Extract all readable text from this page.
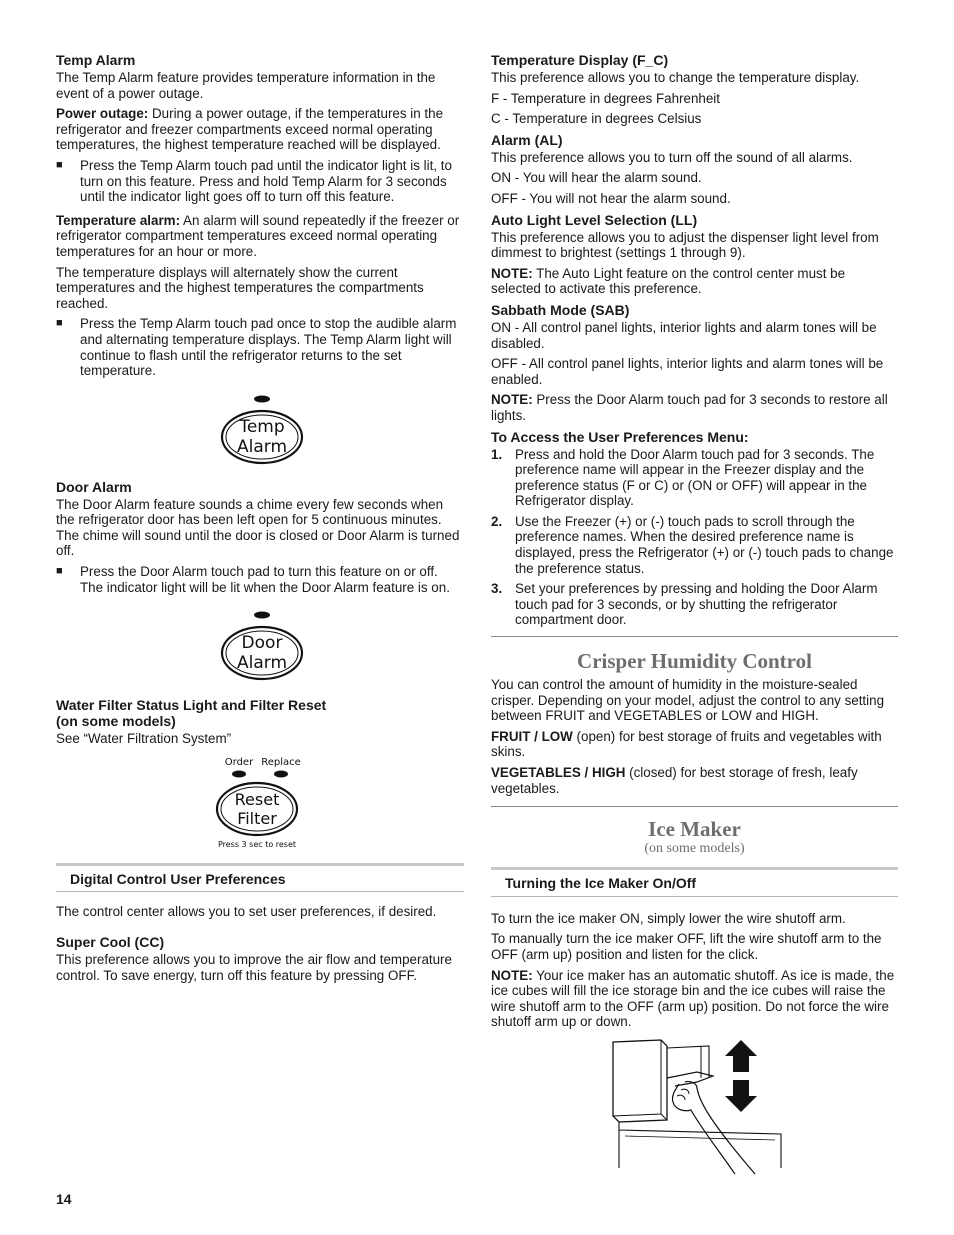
Temp Alarm

The Temp Alarm feature provides temperature information in the event of a power outage.

Power outage: During a power outage, if the temperatures in the refrigerator and freezer compartments exceed normal operating temperatures, the highest temperature reached will be displayed.

■ Press the Temp Alarm touch pad until the indicator light is lit, to turn on this feature. Press and hold Temp Alarm for 3 seconds until the indicator light goes off to turn off this feature.

Temperature alarm: An alarm will sound repeatedly if the freezer or refrigerator compartment temperatures exceed normal operating temperatures for an hour or more.

The temperature displays will alternately show the current temperatures and the highest temperatures the compartments reached.

■ Press the Temp Alarm touch pad once to stop the audible alarm and alternating temperature displays. The Temp Alarm light will continue to flash until the refrigerator returns to the set temperature.
Temp
Alarm
Door Alarm

The Door Alarm feature sounds a chime every few seconds when the refrigerator door has been left open for 5 continuous minutes. The chime will sound until the door is closed or Door Alarm is turned off.

■ Press the Door Alarm touch pad to turn this feature on or off. The indicator light will be lit when the Door Alarm feature is on.
Door
Alarm
Water Filter Status Light and Filter Reset
(on some models)

See “Water Filtration System”

Order Replace
Reset
Filter
Press 3 sec to reset
Digital Control User Preferences

The control center allows you to set user preferences, if desired.

Super Cool (CC)

This preference allows you to improve the air flow and temperature control. To save energy, turn off this feature by pressing OFF.

Temperature Display (F_C)

This preference allows you to change the temperature display.

F - Temperature in degrees Fahrenheit

C - Temperature in degrees Celsius

Alarm (AL)

This preference allows you to turn off the sound of all alarms.

ON - You will hear the alarm sound.

OFF - You will not hear the alarm sound.

Auto Light Level Selection (LL)

This preference allows you to adjust the dispenser light level from dimmest to brightest (settings 1 through 9).

NOTE: The Auto Light feature on the control center must be selected to activate this preference.

Sabbath Mode (SAB)

ON - All control panel lights, interior lights and alarm tones will be disabled.

OFF - All control panel lights, interior lights and alarm tones will be enabled.

NOTE: Press the Door Alarm touch pad for 3 seconds to restore all lights.

To Access the User Preferences Menu:
1. Press and hold the Door Alarm touch pad for 3 seconds. The preference name will appear in the Freezer display and the preference status (F or C) or (ON or OFF) will appear in the Refrigerator display.
2. Use the Freezer (+) or (-) touch pads to scroll through the preference names. When the desired preference name is displayed, press the Refrigerator (+) or (-) touch pads to change the preference status.
3. Set your preferences by pressing and holding the Door Alarm touch pad for 3 seconds, or by shutting the refrigerator compartment door.
Crisper Humidity Control

You can control the amount of humidity in the moisture-sealed crisper. Depending on your model, adjust the control to any setting between FRUIT and VEGETABLES or LOW and HIGH.

FRUIT / LOW (open) for best storage of fruits and vegetables with skins.

VEGETABLES / HIGH (closed) for best storage of fresh, leafy vegetables.

Ice Maker
(on some models)
Turning the Ice Maker On/Off

To turn the ice maker ON, simply lower the wire shutoff arm.

To manually turn the ice maker OFF, lift the wire shutoff arm to the OFF (arm up) position and listen for the click.

NOTE: Your ice maker has an automatic shutoff. As ice is made, the ice cubes will fill the ice storage bin and the ice cubes will raise the wire shutoff arm to the OFF (arm up) position. Do not force the wire shutoff arm up or down.

14
